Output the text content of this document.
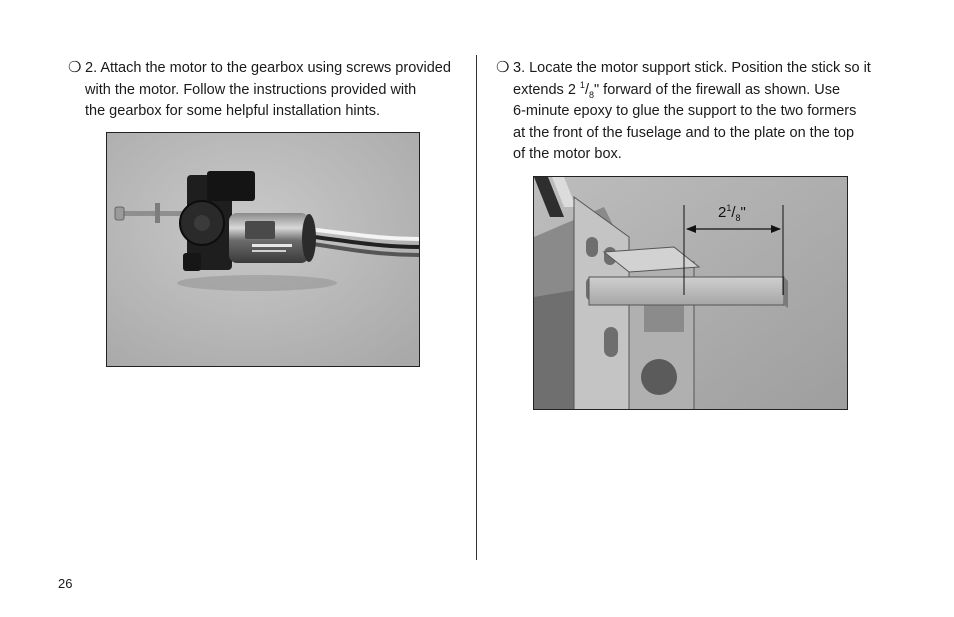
❍ 2. Attach the motor to the gearbox using screws provided
with the motor. Follow the instructions provided with
the gearbox for some helpful installation hints.
❍ 3. Locate the motor support stick. Position the stick so it
extends 2 $^1/_8$" forward of the firewall as shown. Use
6-minute epoxy to glue the support to the two formers
at the front of the fuselage and to the plate on the top
of the motor box.
$2^1/_8$"
26
